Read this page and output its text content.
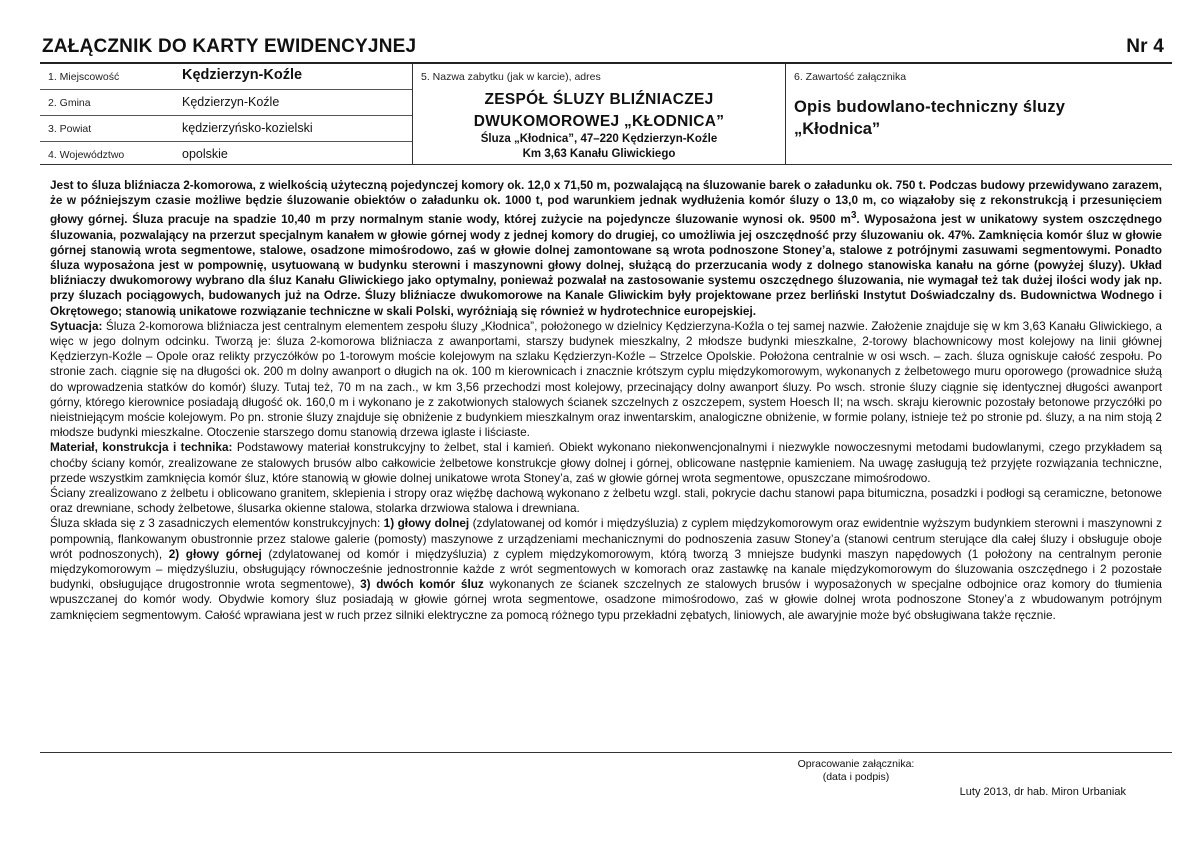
ZAŁĄCZNIK DO KARTY EWIDENCYJNEJ	Nr 4
1. Miejscowość	Kędzierzyn-Koźle
2. Gmina	Kędzierzyn-Koźle
3. Powiat	kędzierzyńsko-kozielski
4. Województwo	opolskie
5. Nazwa zabytku (jak w karcie), adres
ZESPÓŁ ŚLUZY BLIŹNIACZEJ
DWUKOMOROWEJ „KŁODNICA”
Śluza „Kłodnica”, 47–220 Kędzierzyn-Koźle
Km 3,63 Kanału Gliwickiego
6. Zawartość załącznika
Opis budowlano-techniczny śluzy
„Kłodnica”

Jest to śluza bliźniacza 2-komorowa, z wielkością użyteczną pojedynczej komory ok. 12,0 x 71,50 m, pozwalającą na śluzowanie barek o załadunku ok. 750 t. Podczas budowy przewidywano zarazem, że w późniejszym czasie możliwe będzie śluzowanie obiektów o załadunku ok. 1000 t, pod warunkiem jednak wydłużenia komór śluzy o 13,0 m, co wiązałoby się z rekonstrukcją i przesunięciem głowy górnej. Śluza pracuje na spadzie 10,40 m przy normalnym stanie wody, której zużycie na pojedyncze śluzowanie wynosi ok. 9500 $m^3$. Wyposażona jest w unikatowy system oszczędnego śluzowania, pozwalający na przerzut specjalnym kanałem w głowie górnej wody z jednej komory do drugiej, co umożliwia jej oszczędność przy śluzowaniu ok. 47%. Zamknięcia komór śluz w głowie górnej stanowią wrota segmentowe, stalowe, osadzone mimośrodowo, zaś w głowie dolnej zamontowane są wrota podnoszone Stoney’a, stalowe z potrójnymi zasuwami segmentowymi. Ponadto śluza wyposażona jest w pompownię, usytuowaną w budynku sterowni i maszynowni głowy dolnej, służącą do przerzucania wody z dolnego stanowiska kanału na górne (powyżej śluzy). Układ bliźniaczy dwukomorowy wybrano dla śluz Kanału Gliwickiego jako optymalny, ponieważ pozwalał na zastosowanie systemu oszczędnego śluzowania, nie wymagał też tak dużej ilości wody jak np. przy śluzach pociągowych, budowanych już na Odrze. Śluzy bliźniacze dwukomorowe na Kanale Gliwickim były projektowane przez berliński Instytut Doświadczalny ds. Budownictwa Wodnego i Okrętowego; stanowią unikatowe rozwiązanie techniczne w skali Polski, wyróżniają się również w hydrotechnice europejskiej.

Sytuacja: Śluza 2-komorowa bliźniacza jest centralnym elementem zespołu śluzy „Kłodnica”, położonego w dzielnicy Kędzierzyna-Koźla o tej samej nazwie. Założenie znajduje się w km 3,63 Kanału Gliwickiego, a więc w jego dolnym odcinku. Tworzą je: śluza 2-komorowa bliźniacza z awanportami, starszy budynek mieszkalny, 2 młodsze budynki mieszkalne, 2-torowy blachownicowy most kolejowy na linii głównej Kędzierzyn-Koźle – Opole oraz relikty przyczółków po 1-torowym moście kolejowym na szlaku Kędzierzyn-Koźle – Strzelce Opolskie. Położona centralnie w osi wsch. – zach. śluza ogniskuje całość zespołu. Po stronie zach. ciągnie się na długości ok. 200 m dolny awanport o długich na ok. 100 m kierownicach i znacznie krótszym cyplu międzykomorowym, wykonanych z żelbetowego muru oporowego (prowadnice służą do wprowadzenia statków do komór) śluzy. Tutaj też, 70 m na zach., w km 3,56 przechodzi most kolejowy, przecinający dolny awanport śluzy. Po wsch. stronie śluzy ciągnie się identycznej długości awanport górny, którego kierownice posiadają długość ok. 160,0 m i wykonano je z zakotwionych stalowych ścianek szczelnych z oszczepem, system Hoesch II; na wsch. skraju kierownic pozostały betonowe przyczółki po nieistniejącym moście kolejowym. Po pn. stronie śluzy znajduje się obniżenie z budynkiem mieszkalnym oraz inwentarskim, analogiczne obniżenie, w formie polany, istnieje też po stronie pd. śluzy, a na nim stoją 2 młodsze budynki mieszkalne. Otoczenie starszego domu stanowią drzewa iglaste i liściaste.

Materiał, konstrukcja i technika: Podstawowy materiał konstrukcyjny to żelbet, stal i kamień. Obiekt wykonano niekonwencjonalnymi i niezwykle nowoczesnymi metodami budowlanymi, czego przykładem są choćby ściany komór, zrealizowane ze stalowych brusów albo całkowicie żelbetowe konstrukcje głowy dolnej i górnej, oblicowane następnie kamieniem. Na uwagę zasługują też przyjęte rozwiązania techniczne, przede wszystkim zamknięcia komór śluz, które stanowią w głowie dolnej unikatowe wrota Stoney’a, zaś w głowie górnej wrota segmentowe, opuszczane mimośrodowo.

Ściany zrealizowano z żelbetu i oblicowano granitem, sklepienia i stropy oraz więźbę dachową wykonano z żelbetu wzgl. stali, pokrycie dachu stanowi papa bitumiczna, posadzki i podłogi są ceramiczne, betonowe oraz drewniane, schody żelbetowe, ślusarka okienne stalowa, stolarka drzwiowa stalowa i drewniana.

Śluza składa się z 3 zasadniczych elementów konstrukcyjnych: 1) głowy dolnej (zdylatowanej od komór i międzyśluzia) z cyplem międzykomorowym oraz ewidentnie wyższym budynkiem sterowni i maszynowni z pompownią, flankowanym obustronnie przez stalowe galerie (pomosty) maszynowe z urządzeniami mechanicznymi do podnoszenia zasuw Stoney’a (stanowi centrum sterujące dla całej śluzy i obsługuje oboje wrót podnoszonych), 2) głowy górnej (zdylatowanej od komór i międzyśluzia) z cyplem międzykomorowym, którą tworzą 3 mniejsze budynki maszyn napędowych (1 położony na centralnym peronie międzykomorowym – międzyśluziu, obsługujący równocześnie jednostronnie każde z wrót segmentowych w komorach oraz zastawkę na kanale międzykomorowym do śluzowania oszczędnego i 2 pozostałe budynki, obsługujące drugostronnie wrota segmentowe), 3) dwóch komór śluz wykonanych ze ścianek szczelnych ze stalowych brusów i wyposażonych w specjalne odbojnice oraz komory do tłumienia wpuszczanej do komór wody. Obydwie komory śluz posiadają w głowie górnej wrota segmentowe, osadzone mimośrodowo, zaś w głowie dolnej wrota podnoszone Stoney’a z wbudowanym potrójnym zamknięciem segmentowym. Całość wprawiana jest w ruch przez silniki elektryczne za pomocą różnego typu przekładni zębatych, liniowych, ale awaryjnie może być obsługiwana także ręcznie.

Opracowanie załącznika:
(data i podpis)
Luty 2013, dr hab. Miron Urbaniak
